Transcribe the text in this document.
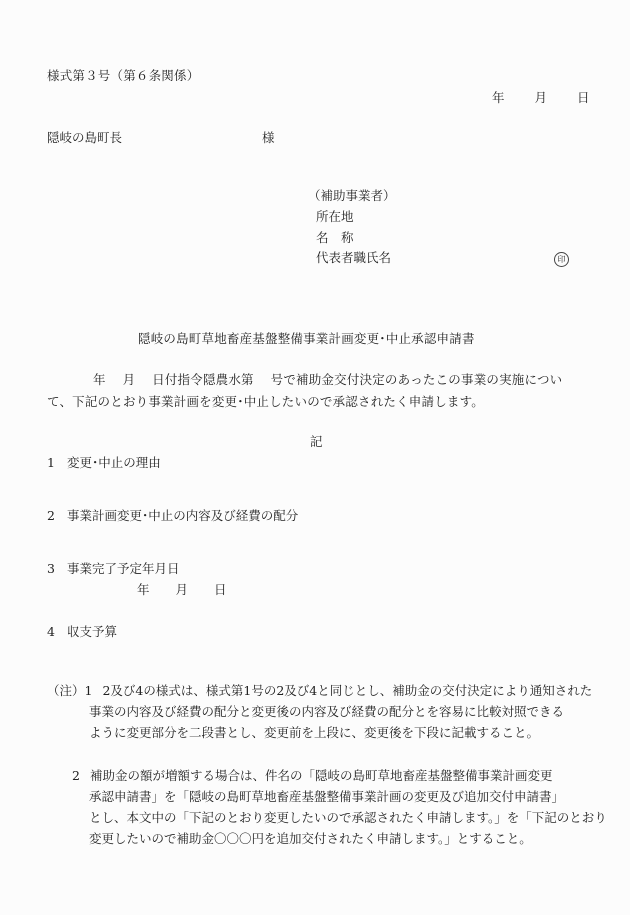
様式第３号（第６条関係）
年 月 日
隠岐の島町長	様
（補助事業者）
所在地
名　称
代表者職氏名	印
隠岐の島町草地畜産基盤整備事業計画変更･中止承認申請書
年　 月　 日付指令隠農水第　 号で補助金交付決定のあったこの事業の実施につい
て、下記のとおり事業計画を変更･中止したいので承認されたく申請します。
記
1 変更･中止の理由
2 事業計画変更･中止の内容及び経費の配分
3 事業完了予定年月日
年 月 日
4 収支予算
（注）1 2及び4の様式は、様式第1号の2及び4と同じとし、補助金の交付決定により通知された
事業の内容及び経費の配分と変更後の内容及び経費の配分とを容易に比較対照できる
ように変更部分を二段書とし、変更前を上段に、変更後を下段に記載すること。
2 補助金の額が増額する場合は、件名の「隠岐の島町草地畜産基盤整備事業計画変更
承認申請書」を「隠岐の島町草地畜産基盤整備事業計画の変更及び追加交付申請書」
とし、本文中の「下記のとおり変更したいので承認されたく申請します。」を「下記のとおり
変更したいので補助金〇〇〇円を追加交付されたく申請します。」とすること。
